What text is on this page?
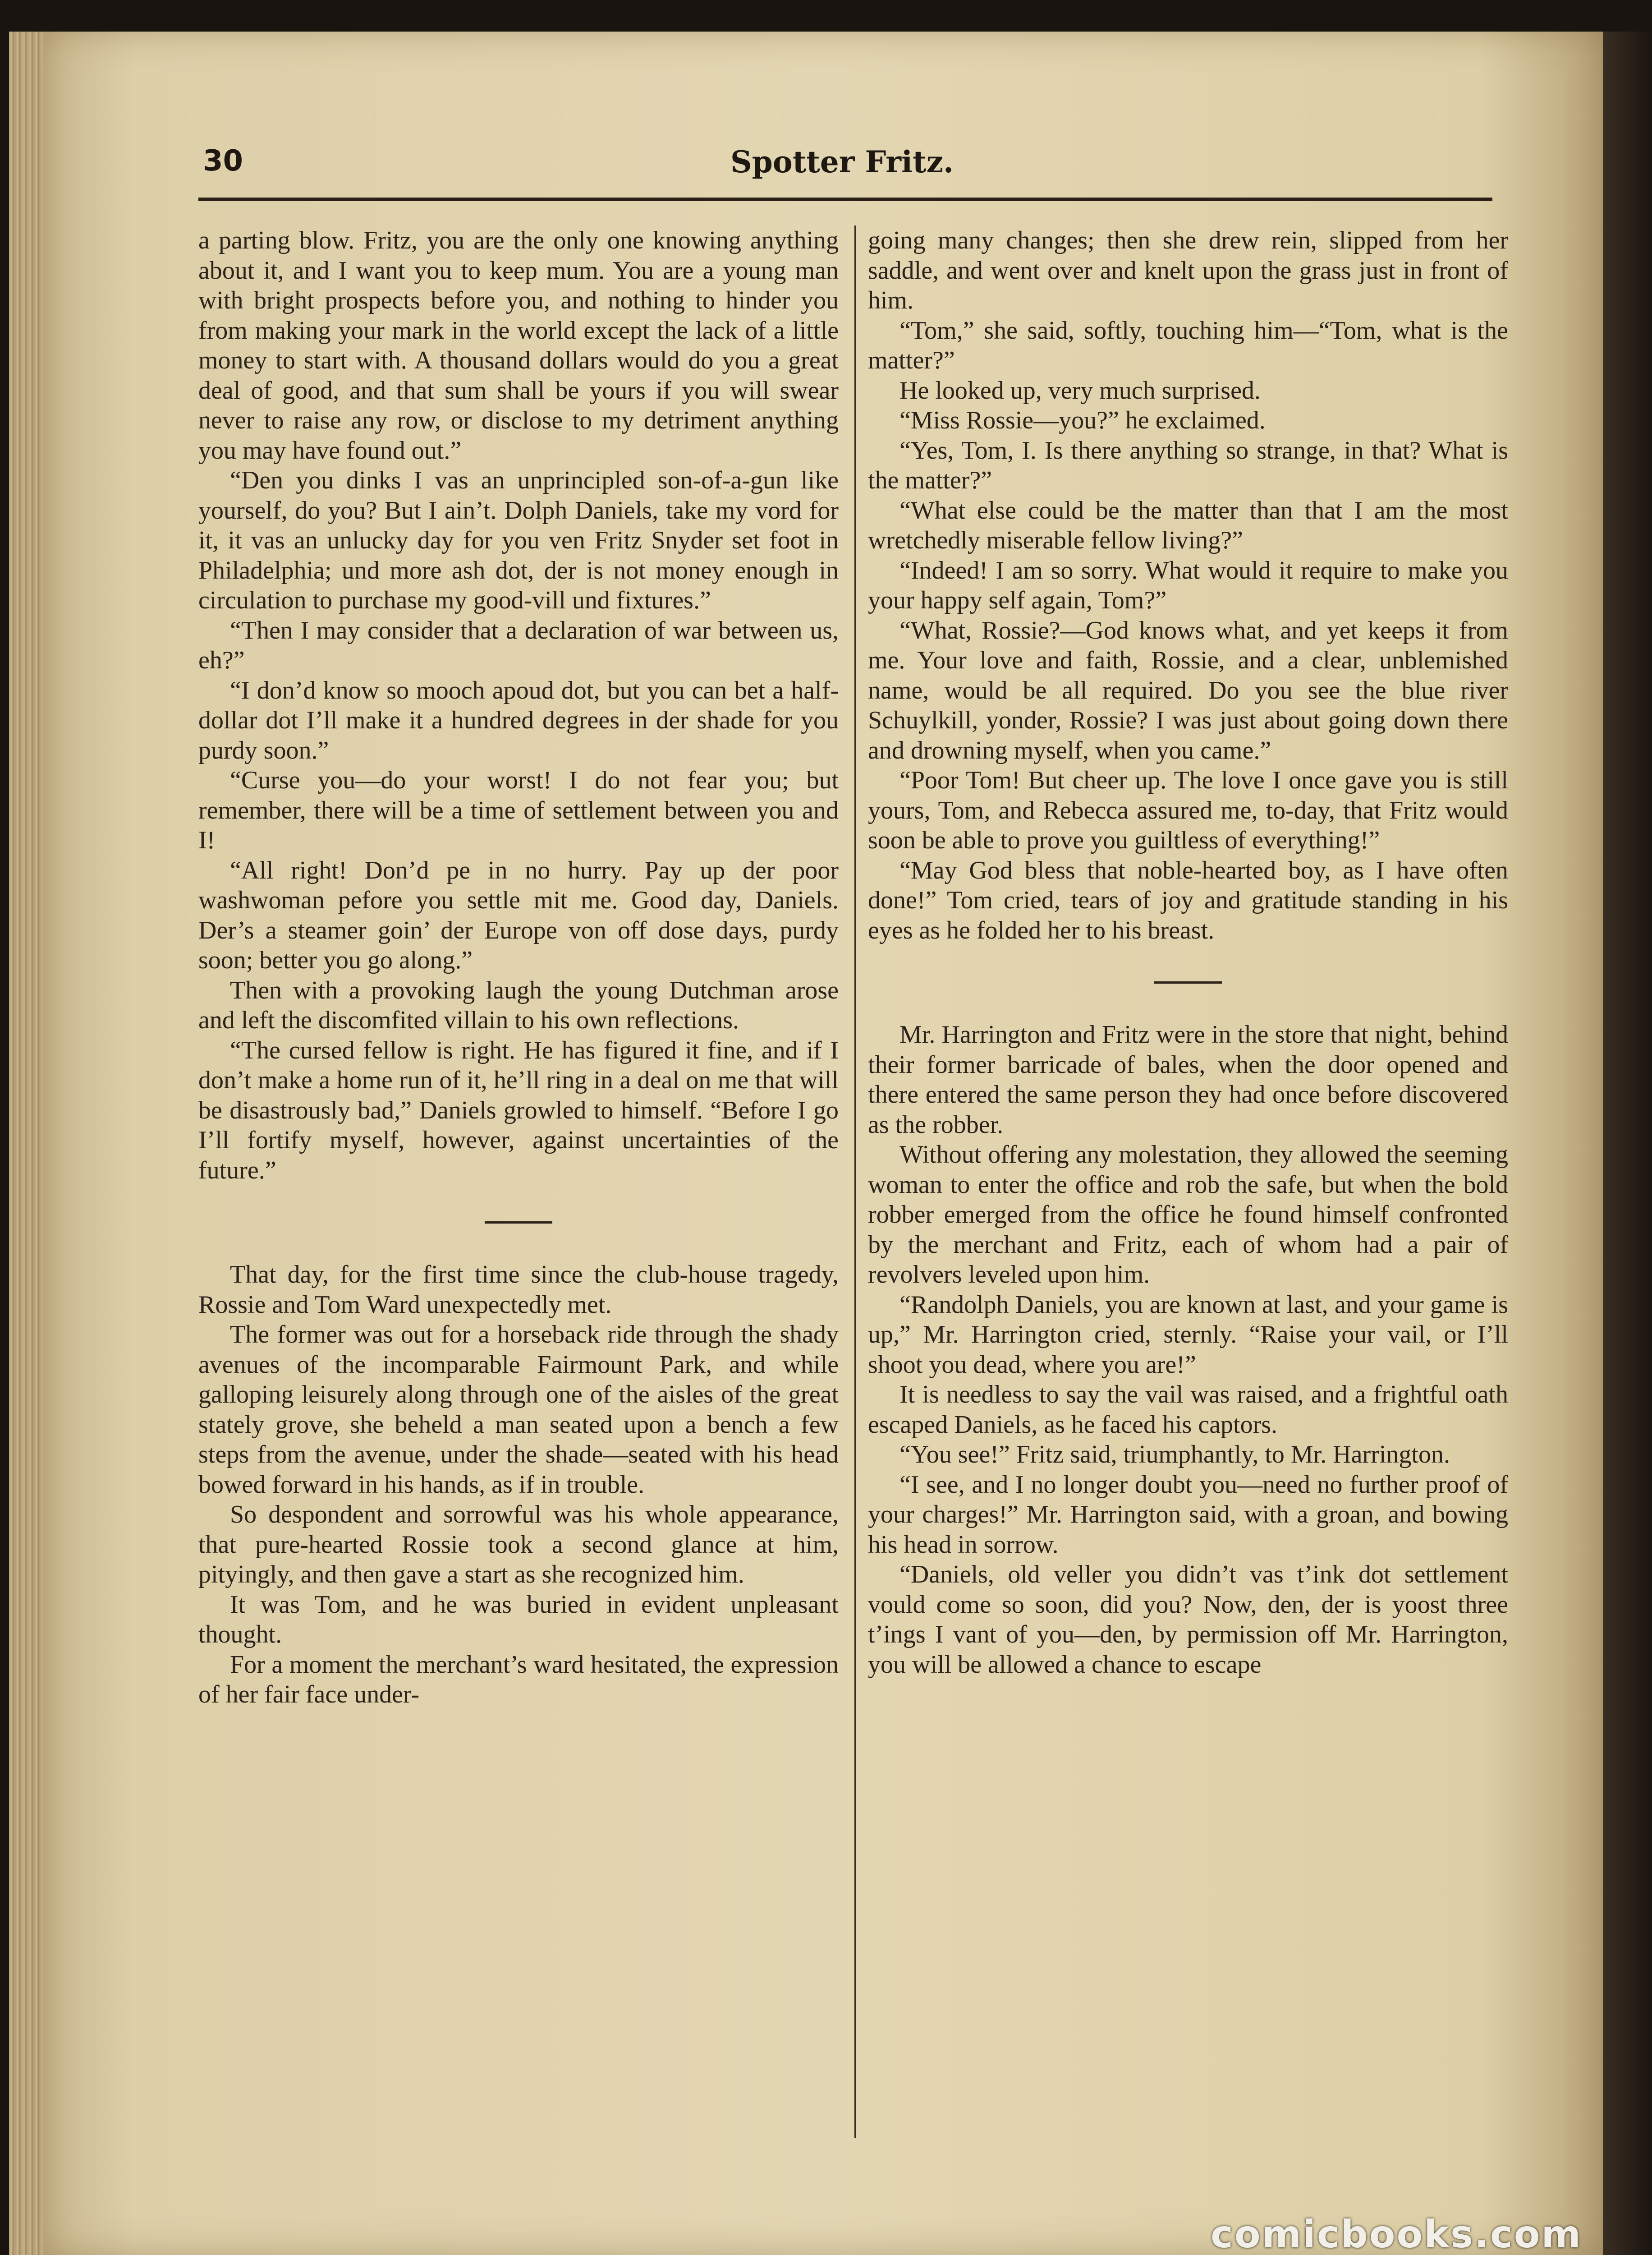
30	Spotter Fritz.

a parting blow. Fritz, you are the only one knowing anything about it, and I want you to keep mum. You are a young man with bright prospects before you, and nothing to hinder you from making your mark in the world except the lack of a little money to start with. A thousand dollars would do you a great deal of good, and that sum shall be yours if you will swear never to raise any row, or disclose to my detriment anything you may have found out.”

“Den you dinks I vas an unprincipled son-of-a-gun like yourself, do you? But I ain’t. Dolph Daniels, take my vord for it, it vas an unlucky day for you ven Fritz Snyder set foot in Philadelphia; und more ash dot, der is not money enough in circulation to purchase my good-vill und fixtures.”

“Then I may consider that a declaration of war between us, eh?”

“I don’d know so mooch apoud dot, but you can bet a half-dollar dot I’ll make it a hundred degrees in der shade for you purdy soon.”

“Curse you—do your worst! I do not fear you; but remember, there will be a time of settlement between you and I!

“All right! Don’d pe in no hurry. Pay up der poor washwoman pefore you settle mit me. Good day, Daniels. Der’s a steamer goin’ der Europe von off dose days, purdy soon; better you go along.”

Then with a provoking laugh the young Dutchman arose and left the discomfited villain to his own reflections.

“The cursed fellow is right. He has figured it fine, and if I don’t make a home run of it, he’ll ring in a deal on me that will be disastrously bad,” Daniels growled to himself. “Before I go I’ll fortify myself, however, against uncertainties of the future.”

That day, for the first time since the club-house tragedy, Rossie and Tom Ward unexpectedly met.

The former was out for a horseback ride through the shady avenues of the incomparable Fairmount Park, and while galloping leisurely along through one of the aisles of the great stately grove, she beheld a man seated upon a bench a few steps from the avenue, under the shade—seated with his head bowed forward in his hands, as if in trouble.

So despondent and sorrowful was his whole appearance, that pure-hearted Rossie took a second glance at him, pityingly, and then gave a start as she recognized him.

It was Tom, and he was buried in evident unpleasant thought.

For a moment the merchant’s ward hesitated, the expression of her fair face under-

going many changes; then she drew rein, slipped from her saddle, and went over and knelt upon the grass just in front of him.

“Tom,” she said, softly, touching him—“Tom, what is the matter?”

He looked up, very much surprised.

“Miss Rossie—you?” he exclaimed.

“Yes, Tom, I. Is there anything so strange, in that? What is the matter?”

“What else could be the matter than that I am the most wretchedly miserable fellow living?”

“Indeed! I am so sorry. What would it require to make you your happy self again, Tom?”

“What, Rossie?—God knows what, and yet keeps it from me. Your love and faith, Rossie, and a clear, unblemished name, would be all required. Do you see the blue river Schuylkill, yonder, Rossie? I was just about going down there and drowning myself, when you came.”

“Poor Tom! But cheer up. The love I once gave you is still yours, Tom, and Rebecca assured me, to-day, that Fritz would soon be able to prove you guiltless of everything!”

“May God bless that noble-hearted boy, as I have often done!” Tom cried, tears of joy and gratitude standing in his eyes as he folded her to his breast.

Mr. Harrington and Fritz were in the store that night, behind their former barricade of bales, when the door opened and there entered the same person they had once before discovered as the robber.

Without offering any molestation, they allowed the seeming woman to enter the office and rob the safe, but when the bold robber emerged from the office he found himself confronted by the merchant and Fritz, each of whom had a pair of revolvers leveled upon him.

“Randolph Daniels, you are known at last, and your game is up,” Mr. Harrington cried, sternly. “Raise your vail, or I’ll shoot you dead, where you are!”

It is needless to say the vail was raised, and a frightful oath escaped Daniels, as he faced his captors.

“You see!” Fritz said, triumphantly, to Mr. Harrington.

“I see, and I no longer doubt you—need no further proof of your charges!” Mr. Harrington said, with a groan, and bowing his head in sorrow.

“Daniels, old veller you didn’t vas t’ink dot settlement vould come so soon, did you? Now, den, der is yoost three t’ings I vant of you—den, by permission off Mr. Harrington, you will be allowed a chance to escape

comicbooks.com
